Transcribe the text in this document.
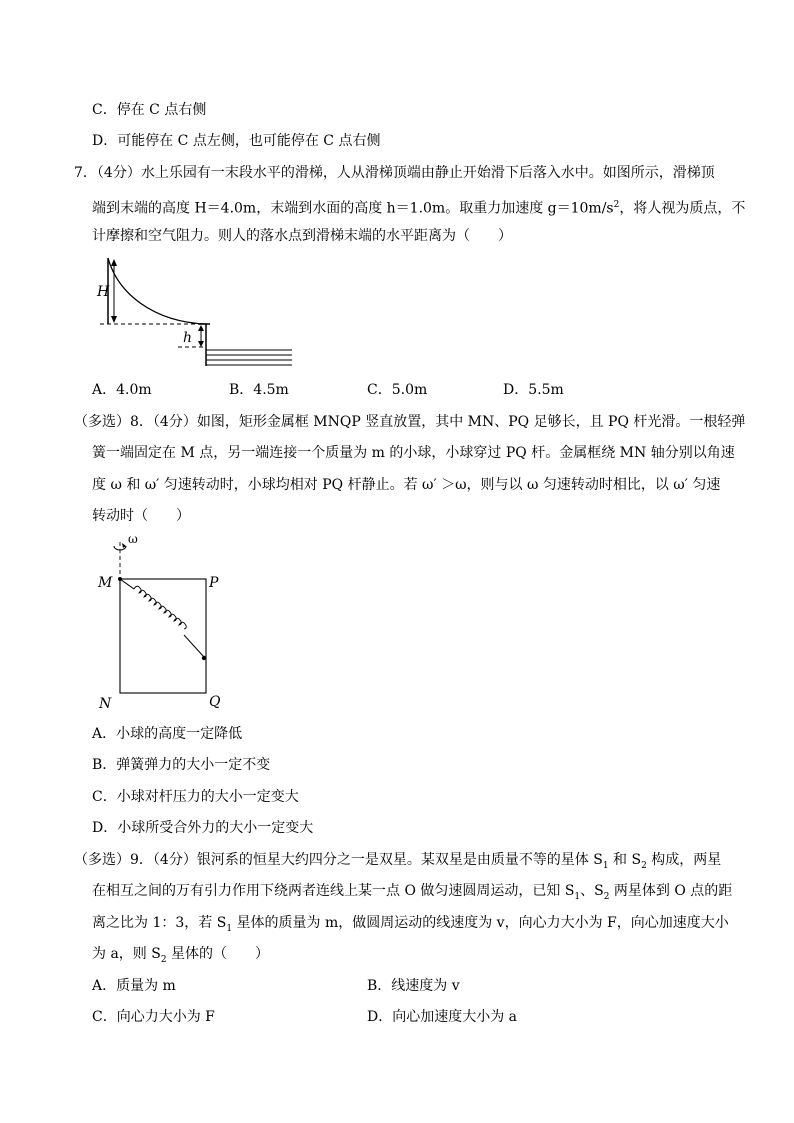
C．停在 C 点右侧
D．可能停在 C 点左侧，也可能停在 C 点右侧
7．（4分）水上乐园有一末段水平的滑梯，人从滑梯顶端由静止开始滑下后落入水中。如图所示，滑梯顶
端到末端的高度 H＝4.0m，末端到水面的高度 h＝1.0m。取重力加速度 $g=10m/s^2$，将人视为质点，不
计摩擦和空气阻力。则人的落水点到滑梯末端的水平距离为（　　）
H
h
A．4.0m	B．4.5m	C．5.0m	D．5.5m
（多选）8．（4分）如图，矩形金属框 MNQP 竖直放置，其中 MN、PQ 足够长，且 PQ 杆光滑。一根轻弹
簧一端固定在 M 点，另一端连接一个质量为 m 的小球，小球穿过 PQ 杆。金属框绕 MN 轴分别以角速
度 ω 和 ω′ 匀速转动时，小球均相对 PQ 杆静止。若 ω′ ＞ω，则与以 ω 匀速转动时相比，以 ω′ 匀速
转动时（　　）
ω
M	P
N	Q
A．小球的高度一定降低
B．弹簧弹力的大小一定不变
C．小球对杆压力的大小一定变大
D．小球所受合外力的大小一定变大
（多选）9．（4分）银河系的恒星大约四分之一是双星。某双星是由质量不等的星体 $S_1$ 和 $S_2$ 构成，两星
在相互之间的万有引力作用下绕两者连线上某一点 O 做匀速圆周运动，已知 $S_1$、$S_2$ 两星体到 O 点的距
离之比为 1：3，若 $S_1$ 星体的质量为 m，做圆周运动的线速度为 v，向心力大小为 F，向心加速度大小
为 a，则 $S_2$ 星体的（　　）
A．质量为 m	B．线速度为 v
C．向心力大小为 F	D．向心加速度大小为 a
